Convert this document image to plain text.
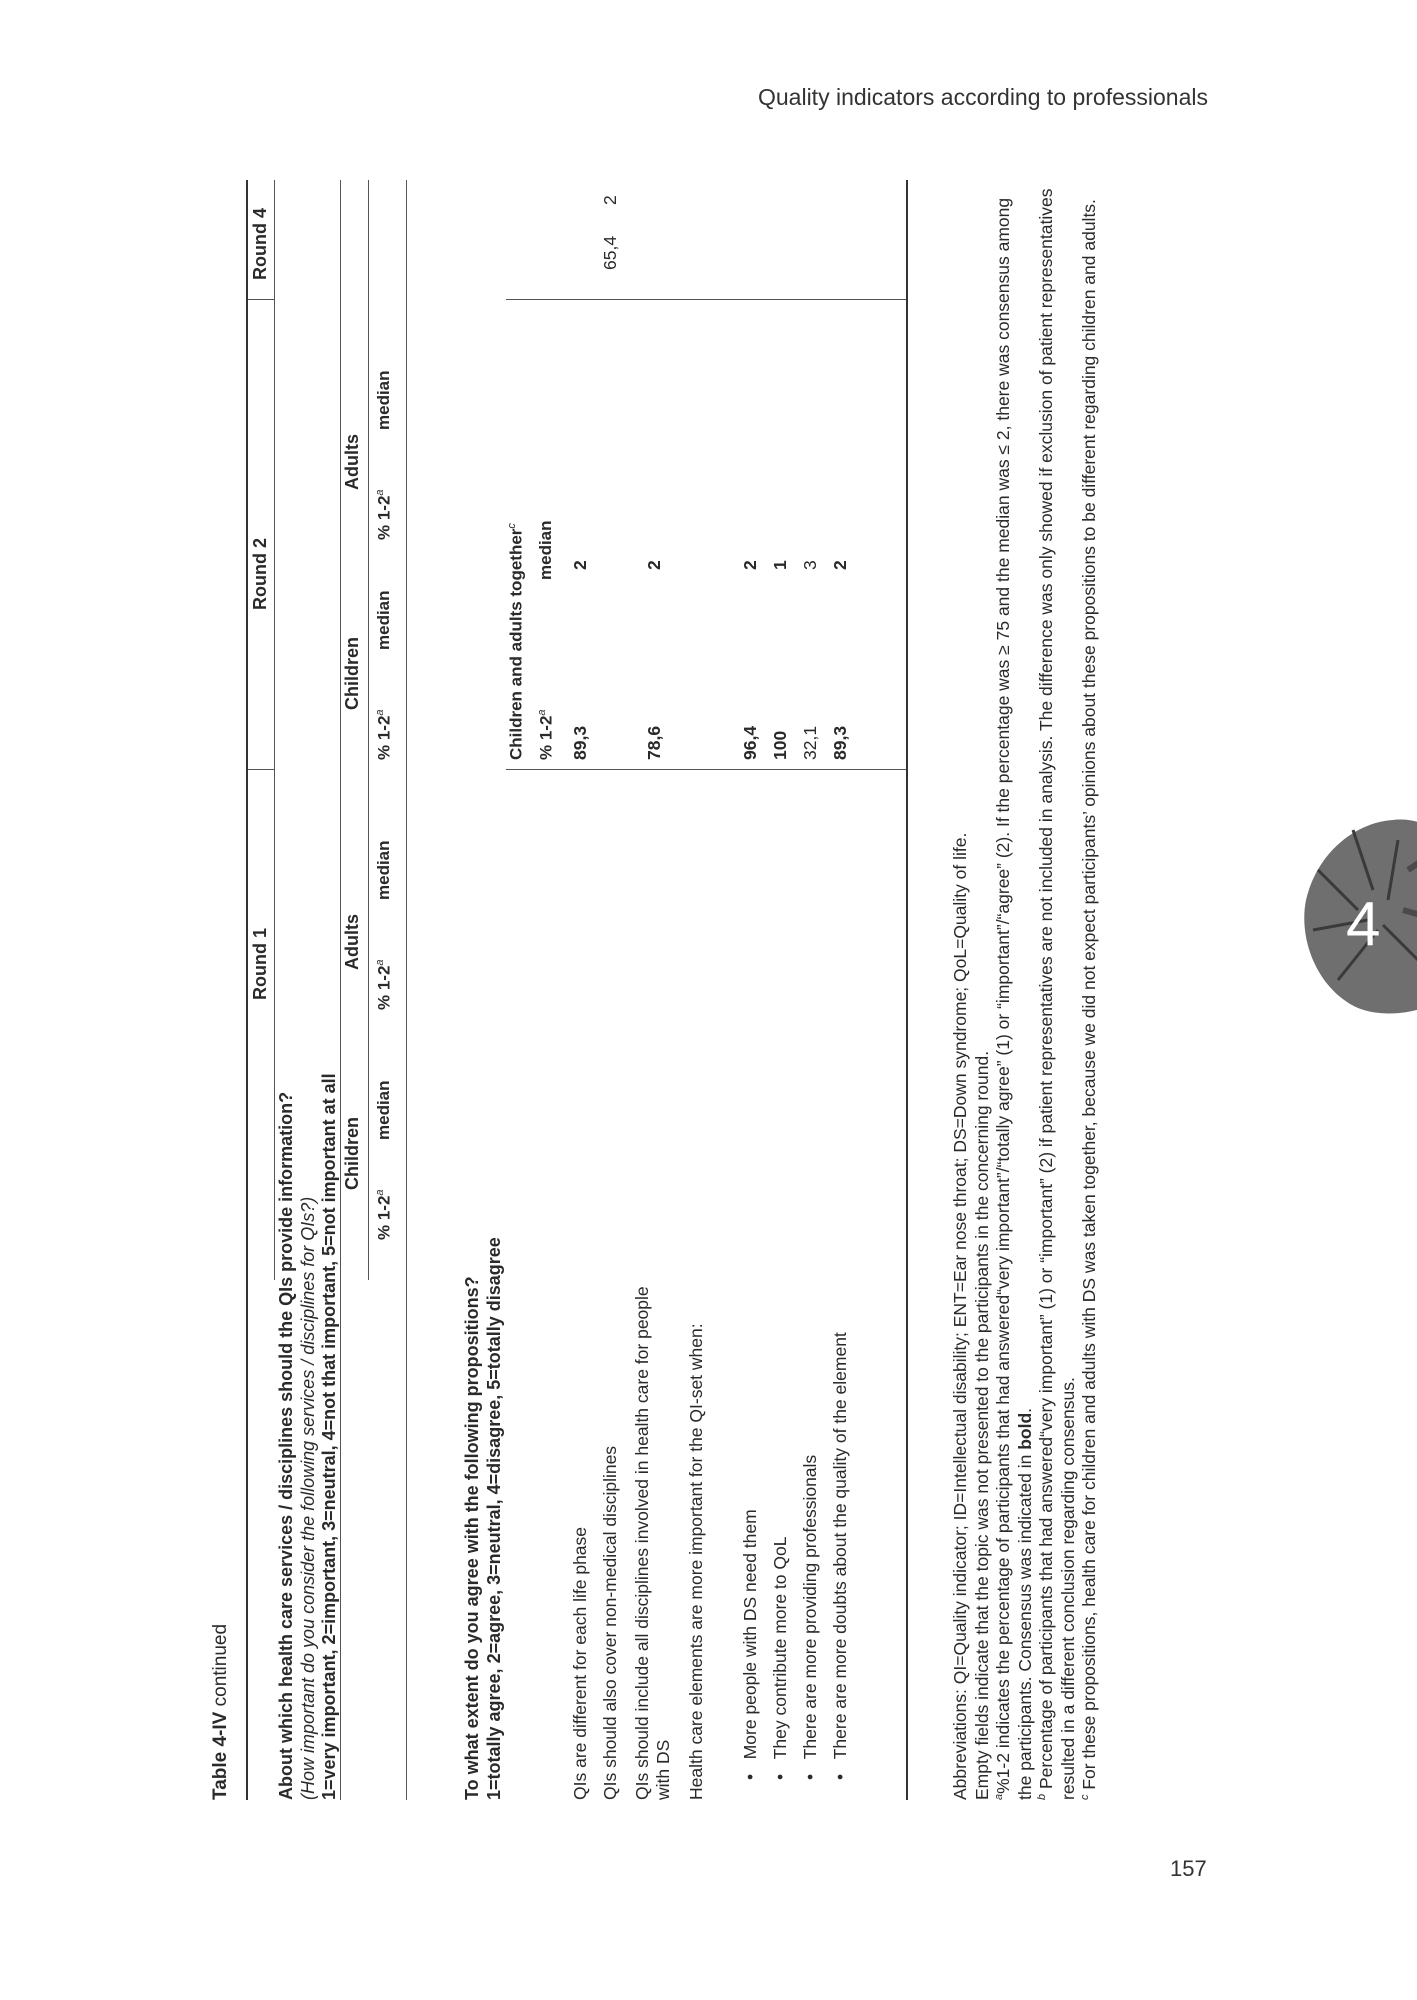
Quality indicators according to professionals
157
4
Table 4-IV continued
Round 1
Round 2
Round 4
About which health care services / disciplines should the QIs provide information? (How important do you consider the following services / disciplines for QIs?) 1=very important, 2=important, 3=neutral, 4=not that important, 5=not important at all Children
Adults
Children
Adults
% 1-2$^a$
median
% 1-2$^a$
median
% 1-2$^a$
median
% 1-2$^a$
median
To what extent do you agree with the following propositions? 1=totally agree, 2=agree, 3=neutral, 4=disagree, 5=totally disagree
Children and adults together$^c$
% 1-2$^a$
median
QIs are different for each life phase
89,3
2
QIs should also cover non-medical disciplines
65,4
2
QIs should include all disciplines involved in health care for people with DS
78,6
2
Health care elements are more important for the QI-set when: •   More people with DS need them
96,4
2
•   They contribute more to QoL
100
1
•   There are more providing professionals
32,1
3
•   There are more doubts about the quality of the element
89,3
2

Abbreviations: QI=Quality indicator; ID=Intellectual disability; ENT=Ear nose throat; DS=Down syndrome; QoL=Quality of life. Empty fields indicate that the topic was not presented to the participants in the concerning round. $^a$%1-2 indicates the percentage of participants that had answered“very important”/“totally agree” (1) or “important”/“agree” (2). If the percentage was ≥ 75 and the median was ≤ 2, there was consensus among the participants. Consensus was indicated in bold.

$^b$ Percentage of participants that had answered“very important” (1) or “important” (2) if patient representatives are not included in analysis. The difference was only showed if exclusion of patient representatives resulted in a different conclusion regarding consensus. $^c$ For these propositions, health care for children and adults with DS was taken together, because we did not expect participants’ opinions about these propositions to be different regarding children and adults.
